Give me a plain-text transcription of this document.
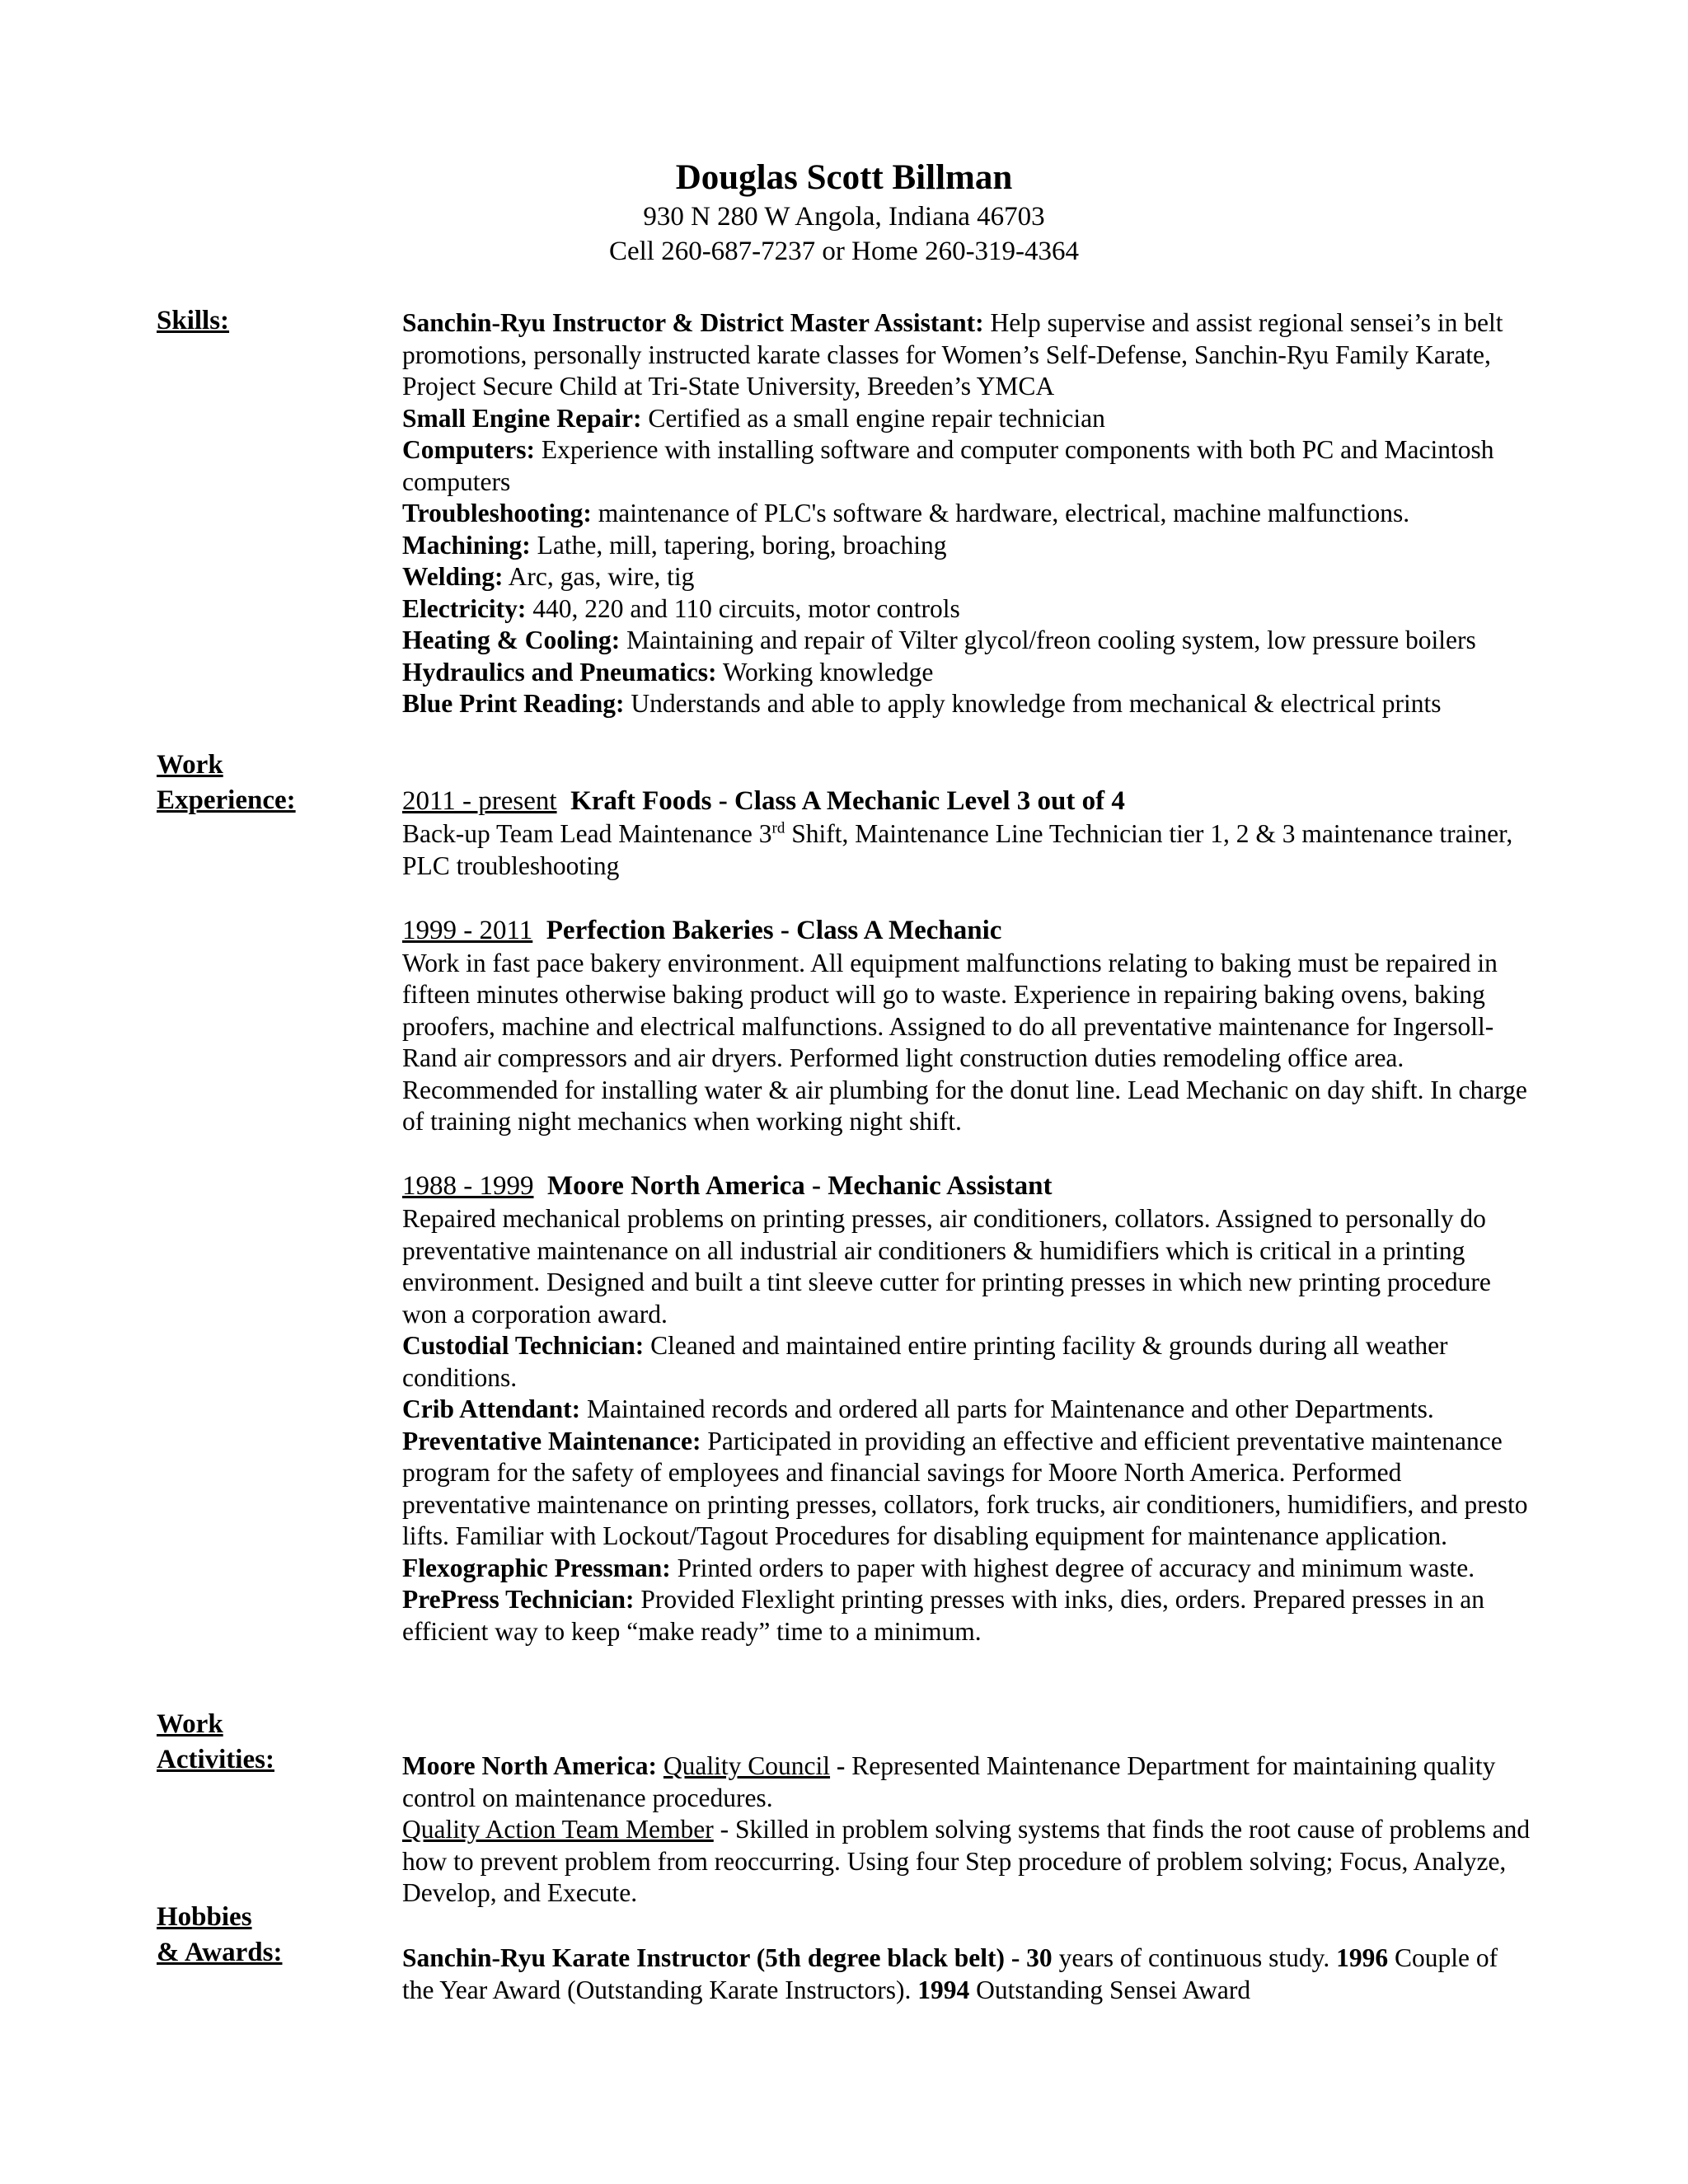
Douglas Scott Billman
930 N 280 W Angola, Indiana 46703
Cell 260-687-7237 or Home 260-319-4364
Skills:
Work
Experience:
Work
Activities:
Hobbies
& Awards:

Sanchin-Ryu Instructor & District Master Assistant: Help supervise and assist regional sensei’s in belt promotions, personally instructed karate classes for Women’s Self-Defense, Sanchin-Ryu Family Karate, Project Secure Child at Tri-State University, Breeden’s YMCA

Small Engine Repair: Certified as a small engine repair technician

Computers: Experience with installing software and computer components with both PC and Macintosh computers

Troubleshooting: maintenance of PLC's software & hardware, electrical, machine malfunctions.

Machining: Lathe, mill, tapering, boring, broaching

Welding: Arc, gas, wire, tig

Electricity: 440, 220 and 110 circuits, motor controls

Heating & Cooling: Maintaining and repair of Vilter glycol/freon cooling system, low pressure boilers

Hydraulics and Pneumatics: Working knowledge

Blue Print Reading: Understands and able to apply knowledge from mechanical & electrical prints

2011 - present Kraft Foods - Class A Mechanic Level 3 out of 4

Back-up Team Lead Maintenance 3rd Shift, Maintenance Line Technician tier 1, 2 & 3 maintenance trainer, PLC troubleshooting

1999 - 2011 Perfection Bakeries - Class A Mechanic

Work in fast pace bakery environment. All equipment malfunctions relating to baking must be repaired in fifteen minutes otherwise baking product will go to waste. Experience in repairing baking ovens, baking proofers, machine and electrical malfunctions. Assigned to do all preventative maintenance for Ingersoll-Rand air compressors and air dryers. Performed light construction duties remodeling office area. Recommended for installing water & air plumbing for the donut line. Lead Mechanic on day shift. In charge of training night mechanics when working night shift.

1988 - 1999 Moore North America - Mechanic Assistant

Repaired mechanical problems on printing presses, air conditioners, collators. Assigned to personally do preventative maintenance on all industrial air conditioners & humidifiers which is critical in a printing environment. Designed and built a tint sleeve cutter for printing presses in which new printing procedure won a corporation award.

Custodial Technician: Cleaned and maintained entire printing facility & grounds during all weather conditions.

Crib Attendant: Maintained records and ordered all parts for Maintenance and other Departments.

Preventative Maintenance: Participated in providing an effective and efficient preventative maintenance program for the safety of employees and financial savings for Moore North America. Performed preventative maintenance on printing presses, collators, fork trucks, air conditioners, humidifiers, and presto lifts. Familiar with Lockout/Tagout Procedures for disabling equipment for maintenance application.

Flexographic Pressman: Printed orders to paper with highest degree of accuracy and minimum waste.

PrePress Technician: Provided Flexlight printing presses with inks, dies, orders. Prepared presses in an efficient way to keep “make ready” time to a minimum.

Moore North America: Quality Council - Represented Maintenance Department for maintaining quality control on maintenance procedures.

Quality Action Team Member - Skilled in problem solving systems that finds the root cause of problems and how to prevent problem from reoccurring. Using four Step procedure of problem solving; Focus, Analyze, Develop, and Execute.

Sanchin-Ryu Karate Instructor (5th degree black belt) - 30 years of continuous study. 1996 Couple of the Year Award (Outstanding Karate Instructors). 1994 Outstanding Sensei Award
